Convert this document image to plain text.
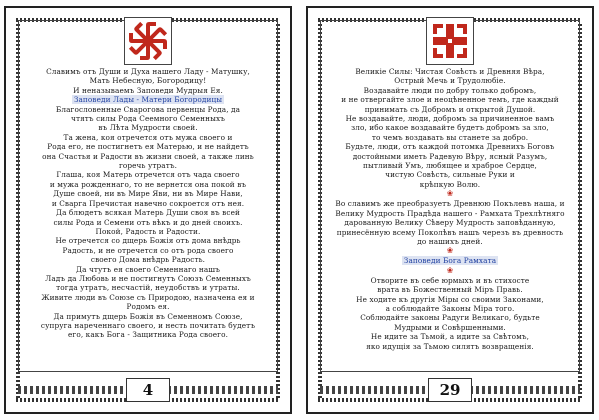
Славимъ отъ Души и Духа нашего Ладу - Матушку,
Мать Небесную, Богородицу!
И неназываемъ Заповеди Мудрыя Ея.
Заповеди Лады - Матери Богородицы
Благословенные Сварогова первенцы Рода, да
чтятъ силы Рода Сеемного Семенныхъ
въ Лѣта Мудрости своей.
Та жена, коя отречется отъ мужа своего и
Рода его, не постигнетъ ея Матерью, и не найдетъ
она Счастья и Радости въ жизни своей, а также линь
горечь утратъ.
Глаша, коя Матерь отречется отъ чада своего
и мужа рожденнаго, то не вернется она покой въ
Душе своей, ни въ Мире Яви, ни въ Мире Нави,
и Сварга Пречистая навечно сокроется отъ нея.
Да блюдетъ всякая Матерь Души своя въ всей
силы Рода и Семени отъ вѣкъ и до дней своихъ.
Покой, Радость и Радости.
Не отречется со дщерь Божія отъ дома внѣдрь
Радость, и не отречется со отъ рода своего
своего Дома внѣдрь Радость.
Да чтутъ ея своего Семеннаго нашъ
Ладъ да Любовь и не постигнутъ Союзъ Семенныхъ
тогда утратъ, несчастій, неудобствъ и утраты.
Живите люди въ Союзе съ Природою, назначена ея и
Родомъ ея.
Да примутъ дщерь Божія въ Семенномъ Союзе,
супруга нареченнаго своего, и несть почитать будетъ
его, какъ Бога - Защитника Рода своего.
4
Великіе Силы: Чистая Совѣсть и Древняя Вѣра,
Острый Мечь и Трудолюбіе.
Воздавайте люди по добру только добромъ,
и не отвергайте злое и неоцѣненное темъ, где каждый
принимать съ Добромъ и открытой Душой.
Не воздавайте, люди, добромъ за причиненное вамъ
зло, ибо какое воздавайте будетъ добромъ за зло,
то чемъ воздавать вы станете за добро.
Будьте, люди, отъ каждой потомка Древнихъ Боговъ
достойными иметь Радевую Вѣру, ясный Разумъ,
пытливый Умъ, любящее и храброе Сердце,
чистую Совѣсть, сильные Руки и
крѣпкую Волю.
❀
Во славимъ же преобразуетъ Древнюю Покълевъ наша, и
Велику Мудрость Прадѣда нашего - Рамхата Трехлѣтняго
дарованную Велику Сѣверу Мудрость заповѣданную,
принесённую всему Поколѣвъ нашъ черезъ въ древность
до нашихъ дней.
❀
Заповеди Бога Рамхата
❀
Отворите въ себе юрмыхъ и въ стихосте
врата въ Божественный Міръ Правь.
Не ходите къ другія Міры со своими Законами,
а соблюдайте Законы Міра того.
Соблюдайте законы Радуги Великаго, будьте
Мудрыми и Совѣршенными.
Не идите за Тьмой, а идите за Свѣтомъ,
яко идущія за Тьмою силятъ возвращенія.
29
